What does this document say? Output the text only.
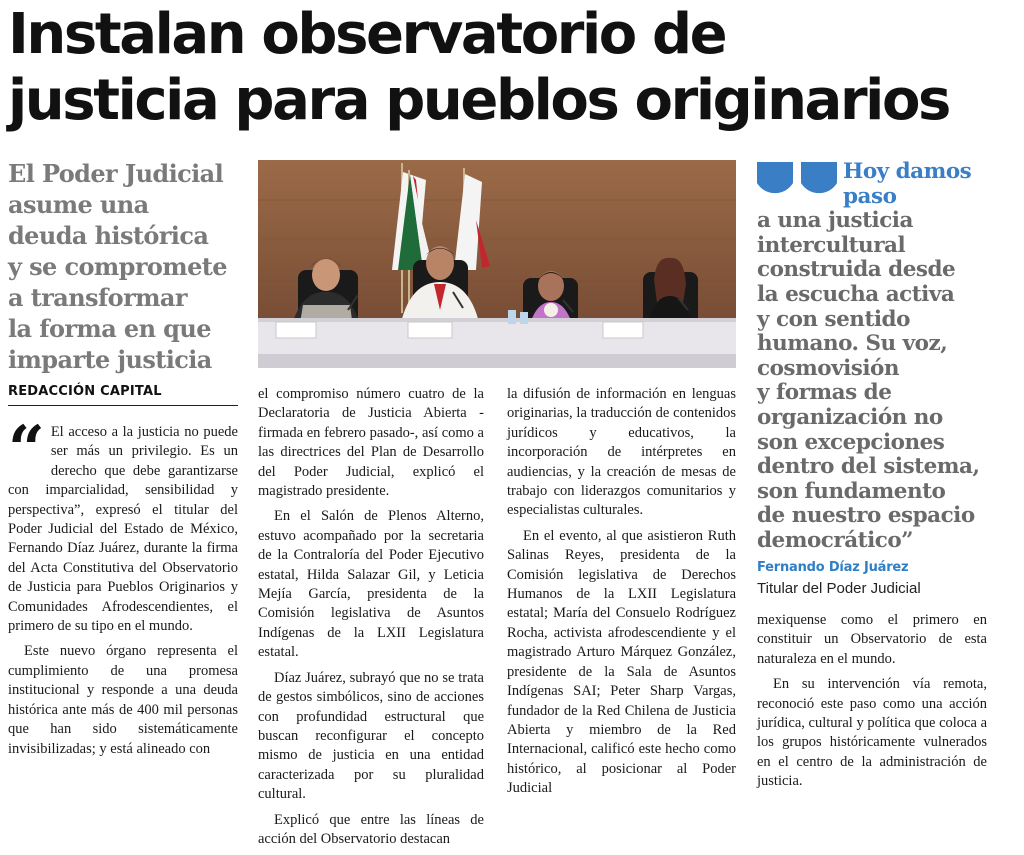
Instalan observatorio de
justicia para pueblos originarios
El Poder Judicial
asume una
deuda histórica
y se compromete
a transformar
la forma en que
imparte justicia
REDACCIÓN CAPITAL

“ El acceso a la justicia no puede ser más un privilegio. Es un derecho que debe garantizarse con imparcialidad, sensibilidad y perspectiva”, expresó el titular del Poder Judicial del Estado de México, Fernando Díaz Juárez, durante la firma del Acta Constitutiva del Observatorio de Justicia para Pueblos Originarios y Comunidades Afrodescendientes, el primero de su tipo en el mundo.

Este nuevo órgano representa el cumplimiento de una promesa institucional y responde a una deuda histórica ante más de 400 mil personas que han sido sistemáticamente invisibilizadas; y está alineado con

el compromiso número cuatro de la Declaratoria de Justicia Abierta -firmada en febrero pasado-, así como a las directrices del Plan de Desarrollo del Poder Judicial, explicó el magistrado presidente.

En el Salón de Plenos Alterno, estuvo acompañado por la secretaria de la Contraloría del Poder Ejecutivo estatal, Hilda Salazar Gil, y Leticia Mejía García, presidenta de la Comisión legislativa de Asuntos Indígenas de la LXII Legislatura estatal.

Díaz Juárez, subrayó que no se trata de gestos simbólicos, sino de acciones con profundidad estructural que buscan reconfigurar el concepto mismo de justicia en una entidad caracterizada por su pluralidad cultural.

Explicó que entre las líneas de acción del Observatorio destacan

la difusión de información en lenguas originarias, la traducción de contenidos jurídicos y educativos, la incorporación de intérpretes en audiencias, y la creación de mesas de trabajo con liderazgos comunitarios y especialistas culturales.

En el evento, al que asistieron Ruth Salinas Reyes, presidenta de la Comisión legislativa de Derechos Humanos de la LXII Legislatura estatal; María del Consuelo Rodríguez Rocha, activista afrodescendiente y el magistrado Arturo Márquez González, presidente de la Sala de Asuntos Indígenas SAI; Peter Sharp Vargas, fundador de la Red Chilena de Justicia Abierta y miembro de la Red Internacional, calificó este hecho como histórico, al posicionar al Poder Judicial

Hoy damos
paso
a una justicia
intercultural
construida desde
la escucha activa
y con sentido
humano. Su voz,
cosmovisión
y formas de
organización no
son excepciones
dentro del sistema,
son fundamento
de nuestro espacio
democrático”

Fernando Díaz Juárez

Titular del Poder Judicial

mexiquense como el primero en constituir un Observatorio de esta naturaleza en el mundo.

En su intervención vía remota, reconoció este paso como una acción jurídica, cultural y política que coloca a los grupos históricamente vulnerados en el centro de la administración de justicia.
